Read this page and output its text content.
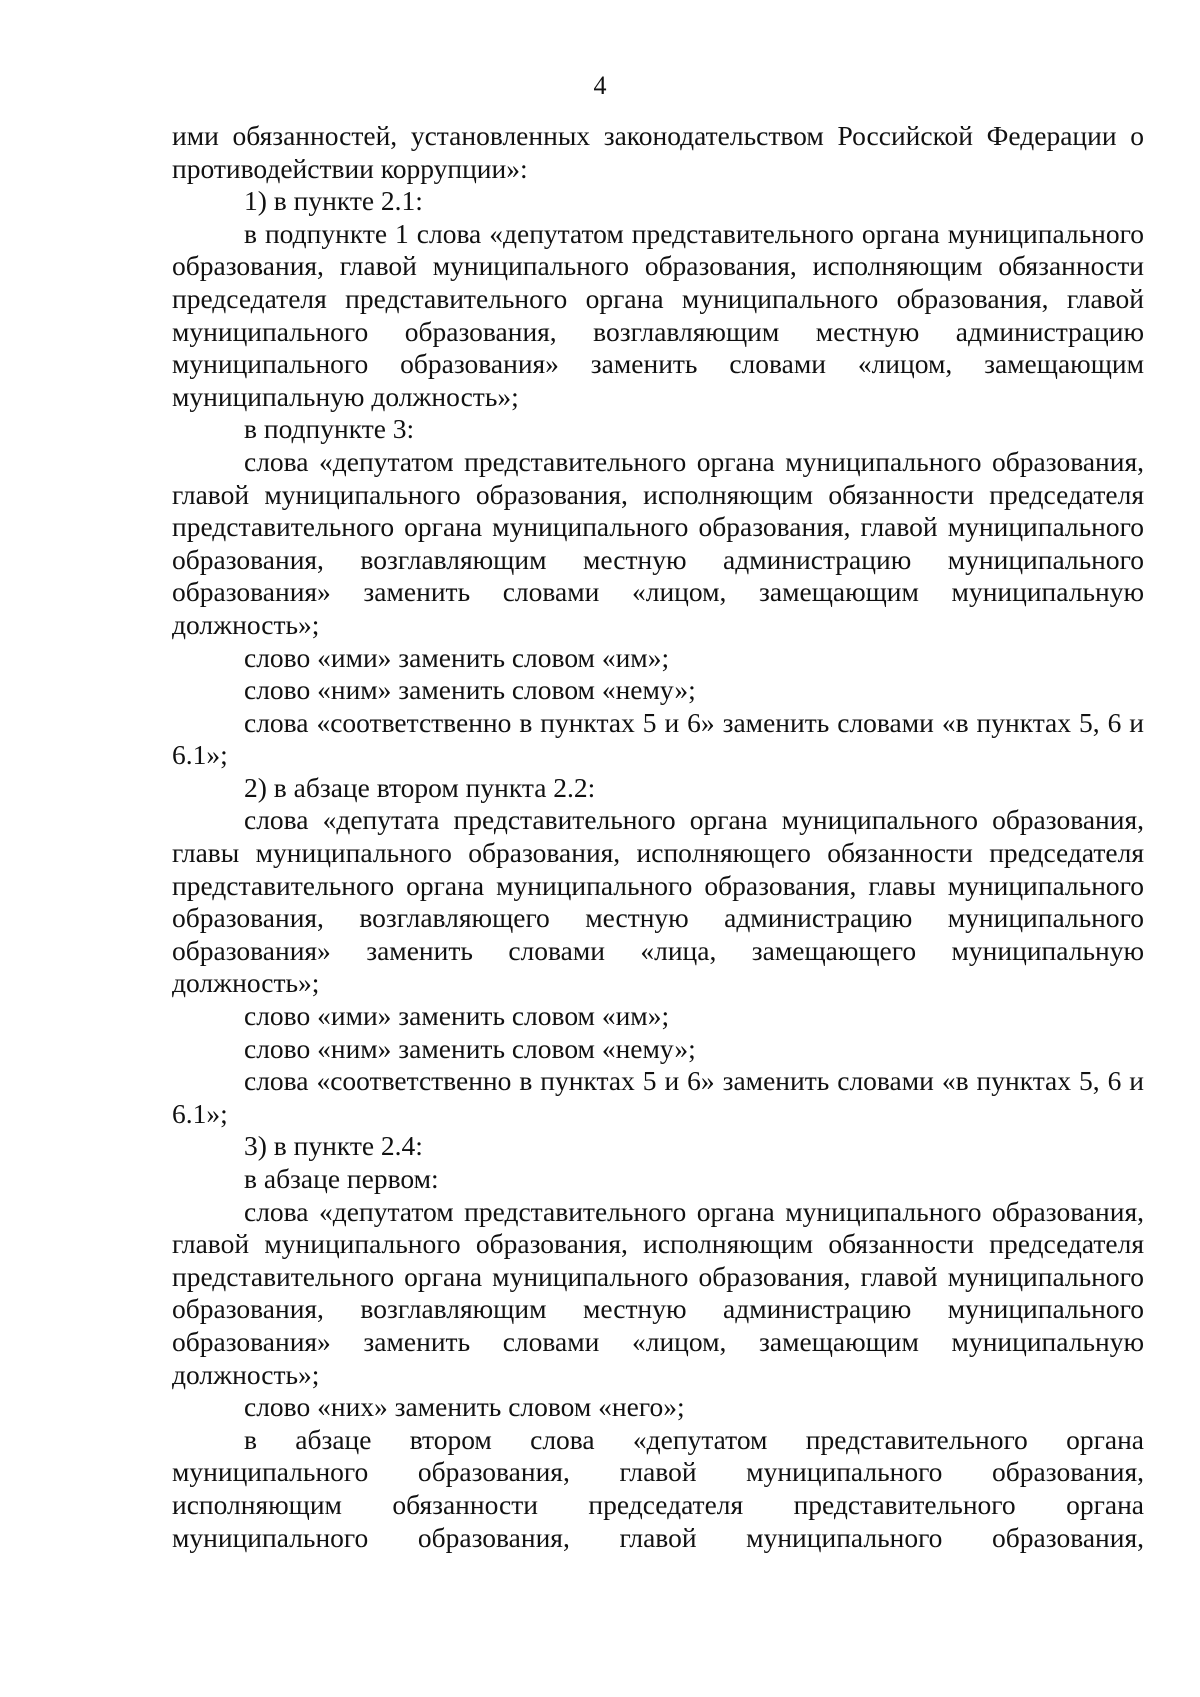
4

ими обязанностей, установленных законодательством Российской Федерации о противодействии коррупции»:

1) в пункте 2.1:

в подпункте 1 слова «депутатом представительного органа муниципального образования, главой муниципального образования, исполняющим обязанности председателя представительного органа муниципального образования, главой муниципального образования, возглавляющим местную администрацию муниципального образования» заменить словами «лицом, замещающим муниципальную должность»;

в подпункте 3:

слова «депутатом представительного органа муниципального образования, главой муниципального образования, исполняющим обязанности председателя представительного органа муниципального образования, главой муниципального образования, возглавляющим местную администрацию муниципального образования» заменить словами «лицом, замещающим муниципальную должность»;

слово «ими» заменить словом «им»;

слово «ним» заменить словом «нему»;

слова «соответственно в пунктах 5 и 6» заменить словами «в пунктах 5, 6 и 6.1»;

2) в абзаце втором пункта 2.2:

слова «депутата представительного органа муниципального образования, главы муниципального образования, исполняющего обязанности председателя представительного органа муниципального образования, главы муниципального образования, возглавляющего местную администрацию муниципального образования» заменить словами «лица, замещающего муниципальную должность»;

слово «ими» заменить словом «им»;

слово «ним» заменить словом «нему»;

слова «соответственно в пунктах 5 и 6» заменить словами «в пунктах 5, 6 и 6.1»;

3) в пункте 2.4:

в абзаце первом:

слова «депутатом представительного органа муниципального образования, главой муниципального образования, исполняющим обязанности председателя представительного органа муниципального образования, главой муниципального образования, возглавляющим местную администрацию муниципального образования» заменить словами «лицом, замещающим муниципальную должность»;

слово «них» заменить словом «него»;

в абзаце втором слова «депутатом представительного органа муниципального образования, главой муниципального образования, исполняющим обязанности председателя представительного органа муниципального образования, главой муниципального образования,
